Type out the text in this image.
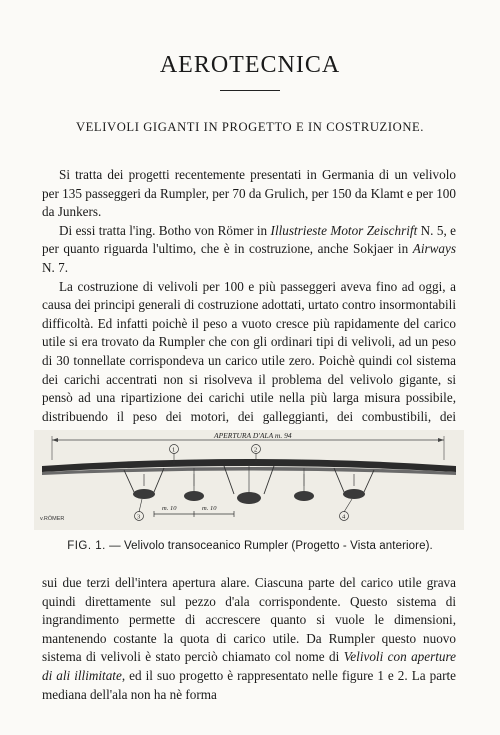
AEROTECNICA
VELIVOLI GIGANTI IN PROGETTO E IN COSTRUZIONE.

Si tratta dei progetti recentemente presentati in Germania di un velivolo per 135 passeggeri da Rumpler, per 70 da Grulich, per 150 da Klamt e per 100 da Junkers.

Di essi tratta l'ing. Botho von Römer in Illustrieste Motor Zeischrift N. 5, e per quanto riguarda l'ultimo, che è in costruzione, anche Sokjaer in Airways N. 7.

La costruzione di velivoli per 100 e più passeggeri aveva fino ad oggi, a causa dei principi generali di costruzione adottati, urtato contro insormontabili difficoltà. Ed infatti poichè il peso a vuoto cresce più rapidamente del carico utile si era trovato da Rumpler che con gli ordinari tipi di velivoli, ad un peso di 30 tonnellate corrispondeva un carico utile zero. Poichè quindi col sistema dei carichi accentrati non si risolveva il problema del velivolo gigante, si pensò ad una ripartizione dei carichi utile nella più larga misura possibile, distribuendo il peso dei motori, dei galleggianti, dei combustibili, dei

APERTURA D'ALA m. 94
1	2
3	4
m. 10	m. 10
v.RÖMER
FIG. 1. — Velivolo transoceanico Rumpler (Progetto - Vista anteriore).

sui due terzi dell'intera apertura alare. Ciascuna parte del carico utile grava quindi direttamente sul pezzo d'ala corrispondente. Questo sistema di ingrandimento permette di accrescere quanto si vuole le dimensioni, mantenendo costante la quota di carico utile. Da Rumpler questo nuovo sistema di velivoli è stato perciò chiamato col nome di Velivoli con aperture di ali illimitate, ed il suo progetto è rappresentato nelle figure 1 e 2. La parte mediana dell'ala non ha nè forma
